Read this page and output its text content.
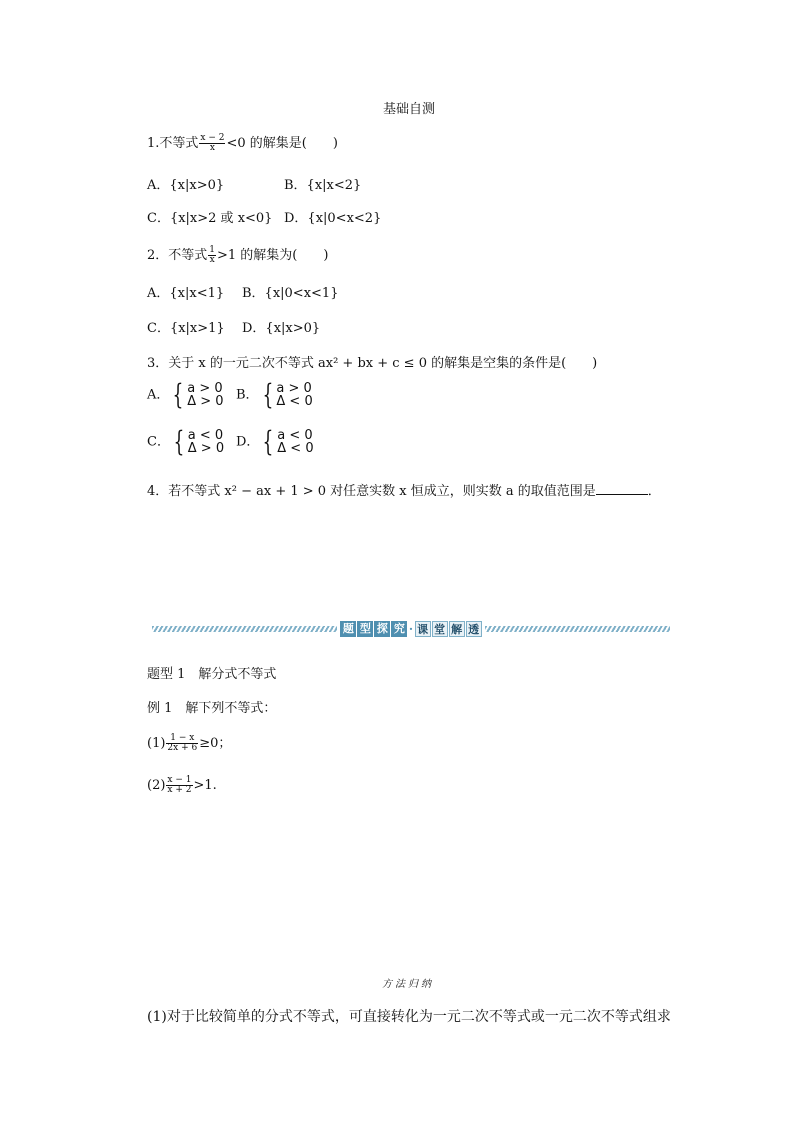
基础自测
1.不等式 $\frac{x - 2}{x} <0$ 的解集是(　　)
A．{x|x>0}	B．{x|x<2}
C．{x|x>2 或 x<0} D．{x|0<x<2}
2．不等式 $\frac{1}{x} >1$ 的解集为(　　)
A．{x|x<1} B．{x|0<x<1}
C．{x|x>1} D．{x|x>0}
3．关于 x 的一元二次不等式 ax² + bx + c ≤ 0 的解集是空集的条件是(　　)
A． { a > 0
Δ > 0 B． { a > 0
Δ < 0
C． { a < 0
Δ > 0 D． { a < 0
Δ < 0
4．若不等式 x² − ax + 1 > 0 对任意实数 x 恒成立，则实数 a 的取值范围是	．
题 型 探 究 · 课 堂 解 透
题型 1　解分式不等式
例 1　解下列不等式：
$(1) \frac{1 - x}{2x + 6} \ge 0$；
$(2) \frac{x - 1}{x + 2} >1$.
方法归纳
(1)对于比较简单的分式不等式，可直接转化为一元二次不等式或一元二次不等式组求
